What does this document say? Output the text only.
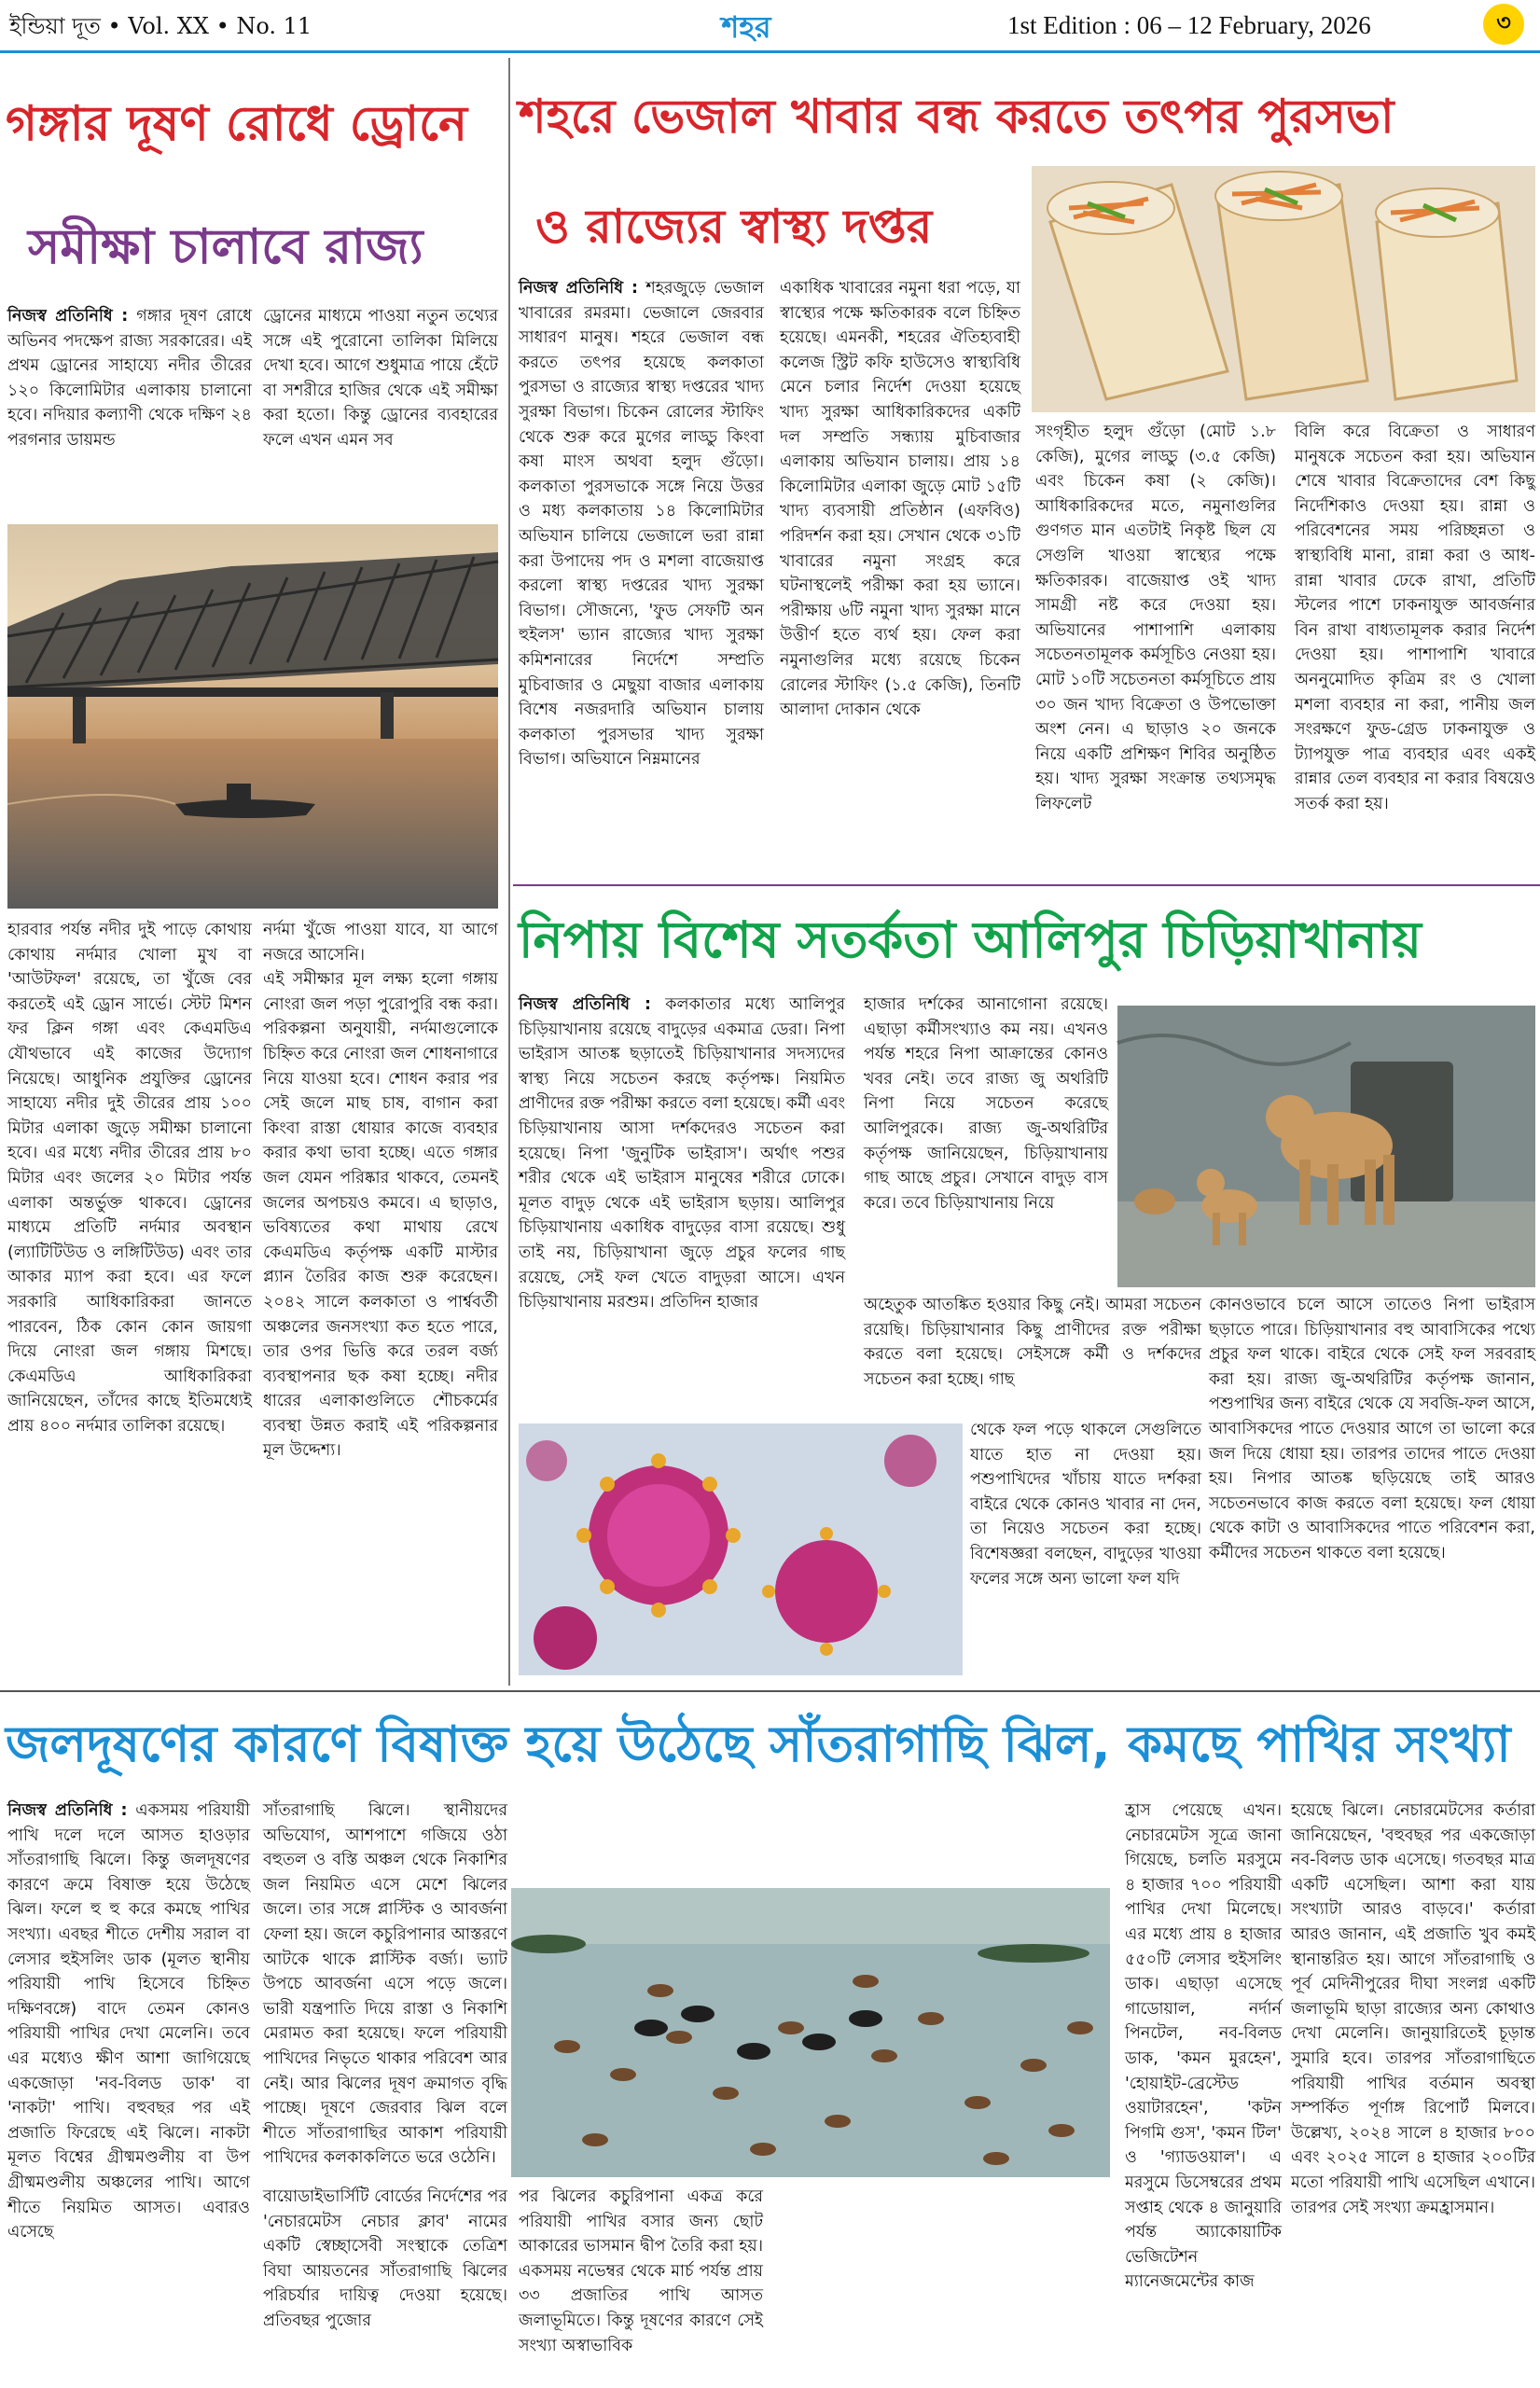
ইন্ডিয়া দূত • Vol. XX • No. 11	শহর	1st Edition : 06 – 12 February, 2026	৩
গঙ্গার দূষণ রোধে ড্রোনে
সমীক্ষা চালাবে রাজ্য
নিজস্ব প্রতিনিধি : গঙ্গার দূষণ রোধে অভিনব পদক্ষেপ রাজ্য সরকারের। এই প্রথম ড্রোনের সাহায্যে নদীর তীরের ১২০ কিলোমিটার এলাকায় চালানো হবে। নদিয়ার কল্যাণী থেকে দক্ষিণ ২৪ পরগনার ডায়মন্ড
ড্রোনের মাধ্যমে পাওয়া নতুন তথ্যের সঙ্গে এই পুরোনো তালিকা মিলিয়ে দেখা হবে। আগে শুধুমাত্র পায়ে হেঁটে বা সশরীরে হাজির থেকে এই সমীক্ষা করা হতো। কিন্তু ড্রোনের ব্যবহারের ফলে এখন এমন সব
হারবার পর্যন্ত নদীর দুই পাড়ে কোথায় কোথায় নর্দমার খোলা মুখ বা 'আউটফল' রয়েছে, তা খুঁজে বের করতেই এই ড্রোন সার্ভে। স্টেট মিশন ফর ক্লিন গঙ্গা এবং কেএমডিএ যৌথভাবে এই কাজের উদ্যোগ নিয়েছে। আধুনিক প্রযুক্তির ড্রোনের সাহায্যে নদীর দুই তীরের প্রায় ১০০ মিটার এলাকা জুড়ে সমীক্ষা চালানো হবে। এর মধ্যে নদীর তীরের প্রায় ৮০ মিটার এবং জলের ২০ মিটার পর্যন্ত এলাকা অন্তর্ভুক্ত থাকবে। ড্রোনের মাধ্যমে প্রতিটি নর্দমার অবস্থান (ল্যাটিটিউড ও লঙ্গিটিউড) এবং তার আকার ম্যাপ করা হবে। এর ফলে সরকারি আধিকারিকরা জানতে পারবেন, ঠিক কোন কোন জায়গা দিয়ে নোংরা জল গঙ্গায় মিশছে। কেএমডিএ আধিকারিকরা জানিয়েছেন, তাঁদের কাছে ইতিমধ্যেই প্রায় ৪০০ নর্দমার তালিকা রয়েছে।
নর্দমা খুঁজে পাওয়া যাবে, যা আগে নজরে আসেনি।
এই সমীক্ষার মূল লক্ষ্য হলো গঙ্গায় নোংরা জল পড়া পুরোপুরি বন্ধ করা। পরিকল্পনা অনুযায়ী, নর্দমাগুলোকে চিহ্নিত করে নোংরা জল শোধনাগারে নিয়ে যাওয়া হবে। শোধন করার পর সেই জলে মাছ চাষ, বাগান করা কিংবা রাস্তা ধোয়ার কাজে ব্যবহার করার কথা ভাবা হচ্ছে। এতে গঙ্গার জল যেমন পরিষ্কার থাকবে, তেমনই জলের অপচয়ও কমবে। এ ছাড়াও, ভবিষ্যতের কথা মাথায় রেখে কেএমডিএ কর্তৃপক্ষ একটি মাস্টার প্ল্যান তৈরির কাজ শুরু করেছেন। ২০৪২ সালে কলকাতা ও পার্শ্ববর্তী অঞ্চলের জনসংখ্যা কত হতে পারে, তার ওপর ভিত্তি করে তরল বর্জ্য ব্যবস্থাপনার ছক কষা হচ্ছে। নদীর ধারের এলাকাগুলিতে শৌচকর্মের ব্যবস্থা উন্নত করাই এই পরিকল্পনার মূল উদ্দেশ্য।
শহরে ভেজাল খাবার বন্ধ করতে তৎপর পুরসভা
ও রাজ্যের স্বাস্থ্য দপ্তর
নিজস্ব প্রতিনিধি : শহরজুড়ে ভেজাল খাবারের রমরমা। ভেজালে জেরবার সাধারণ মানুষ। শহরে ভেজাল বন্ধ করতে তৎপর হয়েছে কলকাতা পুরসভা ও রাজ্যের স্বাস্থ্য দপ্তরের খাদ্য সুরক্ষা বিভাগ। চিকেন রোলের স্টাফিং থেকে শুরু করে মুগের লাড্ডু কিংবা কষা মাংস অথবা হলুদ গুঁড়ো। কলকাতা পুরসভাকে সঙ্গে নিয়ে উত্তর ও মধ্য কলকাতায় ১৪ কিলোমিটার অভিযান চালিয়ে ভেজালে ভরা রান্না করা উপাদেয় পদ ও মশলা বাজেয়াপ্ত করলো স্বাস্থ্য দপ্তরের খাদ্য সুরক্ষা বিভাগ। সৌজন্যে, 'ফুড সেফটি অন হুইলস' ভ্যান রাজ্যের খাদ্য সুরক্ষা কমিশনারের নির্দেশে সম্প্রতি মুচিবাজার ও মেছুয়া বাজার এলাকায় বিশেষ নজরদারি অভিযান চালায় কলকাতা পুরসভার খাদ্য সুরক্ষা বিভাগ। অভিযানে নিম্নমানের
একাধিক খাবারের নমুনা ধরা পড়ে, যা স্বাস্থ্যের পক্ষে ক্ষতিকারক বলে চিহ্নিত হয়েছে। এমনকী, শহরের ঐতিহ্যবাহী কলেজ স্ট্রিট কফি হাউসেও স্বাস্থ্যবিধি মেনে চলার নির্দেশ দেওয়া হয়েছে খাদ্য সুরক্ষা আধিকারিকদের একটি দল সম্প্রতি সন্ধ্যায় মুচিবাজার এলাকায় অভিযান চালায়। প্রায় ১৪ কিলোমিটার এলাকা জুড়ে মোট ১৫টি খাদ্য ব্যবসায়ী প্রতিষ্ঠান (এফবিও) পরিদর্শন করা হয়। সেখান থেকে ৩১টি খাবারের নমুনা সংগ্রহ করে ঘটনাস্থলেই পরীক্ষা করা হয় ভ্যানে। পরীক্ষায় ৬টি নমুনা খাদ্য সুরক্ষা মানে উত্তীর্ণ হতে ব্যর্থ হয়। ফেল করা নমুনাগুলির মধ্যে রয়েছে চিকেন রোলের স্টাফিং (১.৫ কেজি), তিনটি আলাদা দোকান থেকে
সংগৃহীত হলুদ গুঁড়ো (মোট ১.৮ কেজি), মুগের লাড্ডু (৩.৫ কেজি) এবং চিকেন কষা (২ কেজি)। আধিকারিকদের মতে, নমুনাগুলির গুণগত মান এতটাই নিকৃষ্ট ছিল যে সেগুলি খাওয়া স্বাস্থ্যের পক্ষে ক্ষতিকারক। বাজেয়াপ্ত ওই খাদ্য সামগ্রী নষ্ট করে দেওয়া হয়। অভিযানের পাশাপাশি এলাকায় সচেতনতামূলক কর্মসূচিও নেওয়া হয়। মোট ১০টি সচেতনতা কর্মসূচিতে প্রায় ৩০ জন খাদ্য বিক্রেতা ও উপভোক্তা অংশ নেন। এ ছাড়াও ২০ জনকে নিয়ে একটি প্রশিক্ষণ শিবির অনুষ্ঠিত হয়। খাদ্য সুরক্ষা সংক্রান্ত তথ্যসমৃদ্ধ লিফলেট
বিলি করে বিক্রেতা ও সাধারণ মানুষকে সচেতন করা হয়। অভিযান শেষে খাবার বিক্রেতাদের বেশ কিছু নির্দেশিকাও দেওয়া হয়। রান্না ও পরিবেশনের সময় পরিচ্ছন্নতা ও স্বাস্থ্যবিধি মানা, রান্না করা ও আধ-রান্না খাবার ঢেকে রাখা, প্রতিটি স্টলের পাশে ঢাকনাযুক্ত আবর্জনার বিন রাখা বাধ্যতামূলক করার নির্দেশ দেওয়া হয়। পাশাপাশি খাবারে অননুমোদিত কৃত্রিম রং ও খোলা মশলা ব্যবহার না করা, পানীয় জল সংরক্ষণে ফুড-গ্রেড ঢাকনাযুক্ত ও ট্যাপযুক্ত পাত্র ব্যবহার এবং একই রান্নার তেল ব্যবহার না করার বিষয়েও সতর্ক করা হয়।
নিপায় বিশেষ সতর্কতা আলিপুর চিড়িয়াখানায়
নিজস্ব প্রতিনিধি : কলকাতার মধ্যে আলিপুর চিড়িয়াখানায় রয়েছে বাদুড়ের একমাত্র ডেরা। নিপা ভাইরাস আতঙ্ক ছড়াতেই চিড়িয়াখানার সদস্যদের স্বাস্থ্য নিয়ে সচেতন করছে কর্তৃপক্ষ। নিয়মিত প্রাণীদের রক্ত পরীক্ষা করতে বলা হয়েছে। কর্মী এবং চিড়িয়াখানায় আসা দর্শকদেরও সচেতন করা হয়েছে। নিপা 'জুনুটিক ভাইরাস'। অর্থাৎ পশুর শরীর থেকে এই ভাইরাস মানুষের শরীরে ঢোকে। মূলত বাদুড় থেকে এই ভাইরাস ছড়ায়। আলিপুর চিড়িয়াখানায় একাধিক বাদুড়ের বাসা রয়েছে। শুধু তাই নয়, চিড়িয়াখানা জুড়ে প্রচুর ফলের গাছ রয়েছে, সেই ফল খেতে বাদুড়রা আসে। এখন চিড়িয়াখানায় মরশুম। প্রতিদিন হাজার
হাজার দর্শকের আনাগোনা রয়েছে। এছাড়া কর্মীসংখ্যাও কম নয়। এখনও পর্যন্ত শহরে নিপা আক্রান্তের কোনও খবর নেই। তবে রাজ্য জু অথরিটি নিপা নিয়ে সচেতন করেছে আলিপুরকে। রাজ্য জু-অথরিটির কর্তৃপক্ষ জানিয়েছেন, চিড়িয়াখানায় গাছ আছে প্রচুর। সেখানে বাদুড় বাস করে। তবে চিড়িয়াখানায় নিয়ে
অহেতুক আতঙ্কিত হওয়ার কিছু নেই। আমরা সচেতন রয়েছি। চিড়িয়াখানার কিছু প্রাণীদের রক্ত পরীক্ষা করতে বলা হয়েছে। সেইসঙ্গে কর্মী ও দর্শকদের সচেতন করা হচ্ছে। গাছ
কোনওভাবে চলে আসে তাতেও নিপা ভাইরাস ছড়াতে পারে। চিড়িয়াখানার বহু আবাসিকের পথ্যে প্রচুর ফল থাকে। বাইরে থেকে সেই ফল সরবরাহ করা হয়। রাজ্য জু-অথরিটির কর্তৃপক্ষ জানান, পশুপাখির জন্য বাইরে থেকে যে সবজি-ফল আসে, আবাসিকদের পাতে দেওয়ার আগে তা ভালো করে জল দিয়ে ধোয়া হয়। তারপর তাদের পাতে দেওয়া হয়। নিপার আতঙ্ক ছড়িয়েছে তাই আরও সচেতনভাবে কাজ করতে বলা হয়েছে। ফল ধোয়া থেকে কাটা ও আবাসিকদের পাতে পরিবেশন করা, কর্মীদের সচেতন থাকতে বলা হয়েছে।
থেকে ফল পড়ে থাকলে সেগুলিতে যাতে হাত না দেওয়া হয়। পশুপাখিদের খাঁচায় যাতে দর্শকরা বাইরে থেকে কোনও খাবার না দেন, তা নিয়েও সচেতন করা হচ্ছে। বিশেষজ্ঞরা বলছেন, বাদুড়ের খাওয়া ফলের সঙ্গে অন্য ভালো ফল যদি
জলদূষণের কারণে বিষাক্ত হয়ে উঠেছে সাঁতরাগাছি ঝিল, কমছে পাখির সংখ্যা
নিজস্ব প্রতিনিধি : একসময় পরিযায়ী পাখি দলে দলে আসত হাওড়ার সাঁতরাগাছি ঝিলে। কিন্তু জলদূষণের কারণে ক্রমে বিষাক্ত হয়ে উঠেছে ঝিল। ফলে হু হু করে কমছে পাখির সংখ্যা। এবছর শীতে দেশীয় সরাল বা লেসার হুইসলিং ডাক (মূলত স্থানীয় পরিযায়ী পাখি হিসেবে চিহ্নিত দক্ষিণবঙ্গে) বাদে তেমন কোনও পরিযায়ী পাখির দেখা মেলেনি। তবে এর মধ্যেও ক্ষীণ আশা জাগিয়েছে একজোড়া 'নব-বিলড ডাক' বা 'নাকটা' পাখি। বহুবছর পর এই প্রজাতি ফিরেছে এই ঝিলে। নাকটা মূলত বিশ্বের গ্রীষ্মমণ্ডলীয় বা উপ গ্রীষ্মমণ্ডলীয় অঞ্চলের পাখি। আগে শীতে নিয়মিত আসত। এবারও এসেছে
সাঁতরাগাছি ঝিলে। স্থানীয়দের অভিযোগ, আশপাশে গজিয়ে ওঠা বহুতল ও বস্তি অঞ্চল থেকে নিকাশির জল নিয়মিত এসে মেশে ঝিলের জলে। তার সঙ্গে প্লাস্টিক ও আবর্জনা ফেলা হয়। জলে কচুরিপানার আস্তরণে আটকে থাকে প্লাস্টিক বর্জ্য। ভ্যাট উপচে আবর্জনা এসে পড়ে জলে। ভারী যন্ত্রপাতি দিয়ে রাস্তা ও নিকাশি মেরামত করা হয়েছে। ফলে পরিযায়ী পাখিদের নিভৃতে থাকার পরিবেশ আর নেই। আর ঝিলের দূষণ ক্রমাগত বৃদ্ধি পাচ্ছে। দূষণে জেরবার ঝিল বলে শীতে সাঁতরাগাছির আকাশ পরিযায়ী পাখিদের কলকাকলিতে ভরে ওঠেনি।
বায়োডাইভার্সিটি বোর্ডের নির্দেশের পর 'নেচারমেটস নেচার ক্লাব' নামের একটি স্বেচ্ছাসেবী সংস্থাকে তেত্রিশ বিঘা আয়তনের সাঁতরাগাছি ঝিলের পরিচর্যার দায়িত্ব দেওয়া হয়েছে। প্রতিবছর পুজোর
পর ঝিলের কচুরিপানা একত্র করে পরিযায়ী পাখির বসার জন্য ছোট আকারের ভাসমান দ্বীপ তৈরি করা হয়। একসময় নভেম্বর থেকে মার্চ পর্যন্ত প্রায় ৩৩ প্রজাতির পাখি আসত জলাভূমিতে। কিন্তু দূষণের কারণে সেই সংখ্যা অস্বাভাবিক
হ্রাস পেয়েছে এখন। নেচারমেটস সূত্রে জানা গিয়েছে, চলতি মরসুমে ৪ হাজার ৭০০ পরিযায়ী পাখির দেখা মিলেছে। এর মধ্যে প্রায় ৪ হাজার ৫৫০টি লেসার হুইসলিং ডাক। এছাড়া এসেছে গাডোয়াল, নর্দার্ন পিনটেল, নব-বিলড ডাক, 'কমন মুরহেন', 'হোয়াইট-ব্রেস্টেড ওয়াটারহেন', 'কটন পিগমি গুস', 'কমন টিল' ও 'গ্যাডওয়াল'। এ মরসুমে ডিসেম্বরের প্রথম সপ্তাহ থেকে ৪ জানুয়ারি পর্যন্ত অ্যাকোয়াটিক ভেজিটেশন ম্যানেজমেন্টের কাজ
হয়েছে ঝিলে। নেচারমেটসের কর্তারা জানিয়েছেন, 'বহুবছর পর একজোড়া নব-বিলড ডাক এসেছে। গতবছর মাত্র একটি এসেছিল। আশা করা যায় সংখ্যাটা আরও বাড়বে।' কর্তারা আরও জানান, এই প্রজাতি খুব কমই স্থানান্তরিত হয়। আগে সাঁতরাগাছি ও পূর্ব মেদিনীপুরের দীঘা সংলগ্ন একটি জলাভূমি ছাড়া রাজ্যের অন্য কোথাও দেখা মেলেনি। জানুয়ারিতেই চূড়ান্ত সুমারি হবে। তারপর সাঁতরাগাছিতে পরিযায়ী পাখির বর্তমান অবস্থা সম্পর্কিত পূর্ণাঙ্গ রিপোর্ট মিলবে। উল্লেখ্য, ২০২৪ সালে ৪ হাজার ৮০০ এবং ২০২৫ সালে ৪ হাজার ২০০টির মতো পরিযায়ী পাখি এসেছিল এখানে। তারপর সেই সংখ্যা ক্রমহ্রাসমান।
